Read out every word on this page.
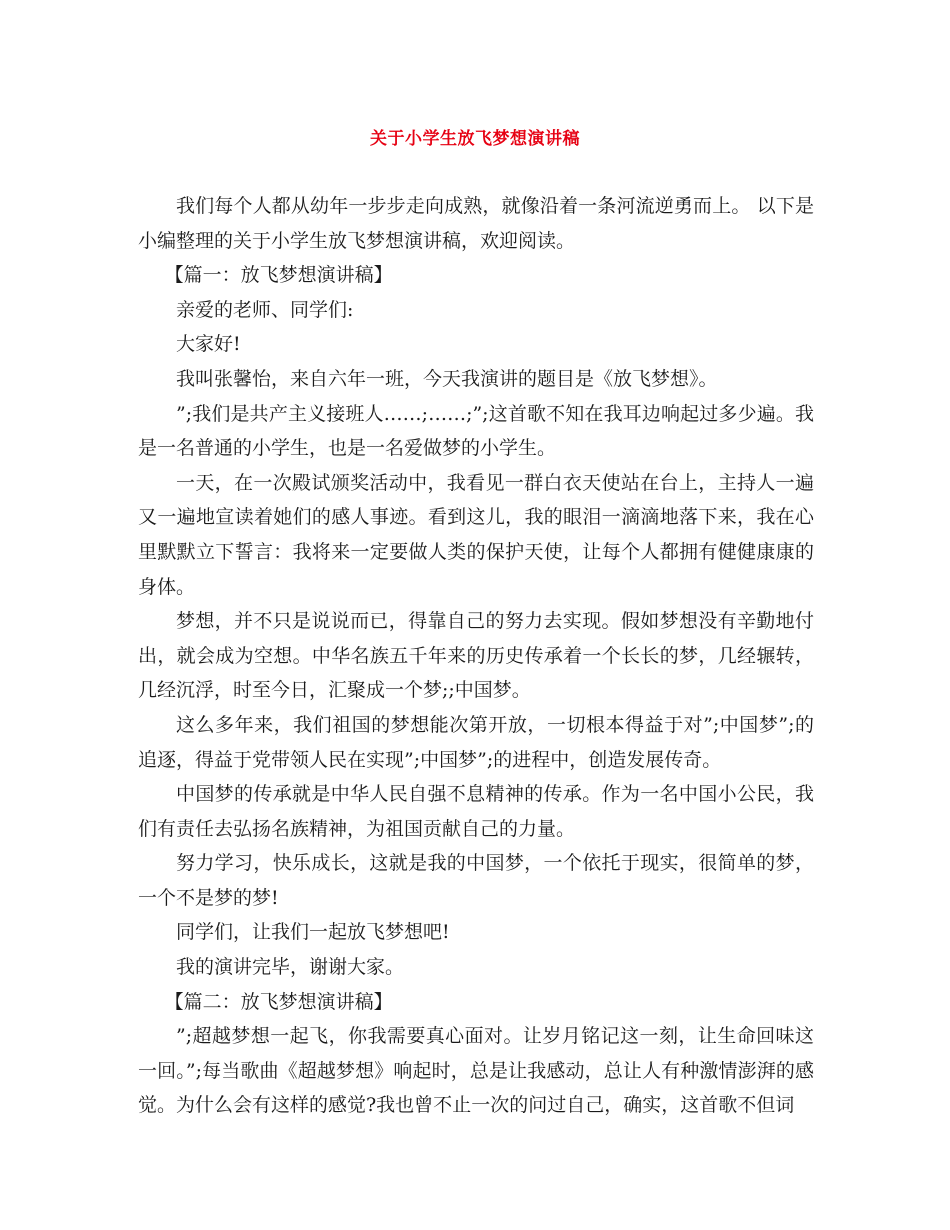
关于小学生放飞梦想演讲稿

我们每个人都从幼年一步步走向成熟，就像沿着一条河流逆勇而上。 以下是小编整理的关于小学生放飞梦想演讲稿，欢迎阅读。

【篇一：放飞梦想演讲稿】

亲爱的老师、同学们:

大家好!

我叫张馨怡，来自六年一班，今天我演讲的题目是《放飞梦想》。

”;我们是共产主义接班人……;……;”;这首歌不知在我耳边响起过多少遍。我是一名普通的小学生，也是一名爱做梦的小学生。

一天，在一次殿试颁奖活动中，我看见一群白衣天使站在台上，主持人一遍又一遍地宣读着她们的感人事迹。看到这儿，我的眼泪一滴滴地落下来，我在心里默默立下誓言：我将来一定要做人类的保护天使，让每个人都拥有健健康康的身体。

梦想，并不只是说说而已，得靠自己的努力去实现。假如梦想没有辛勤地付出，就会成为空想。中华名族五千年来的历史传承着一个长长的梦，几经辗转，几经沉浮，时至今日，汇聚成一个梦;;中国梦。

这么多年来，我们祖国的梦想能次第开放，一切根本得益于对”;中国梦”;的追逐，得益于党带领人民在实现”;中国梦”;的进程中，创造发展传奇。

中国梦的传承就是中华人民自强不息精神的传承。作为一名中国小公民，我们有责任去弘扬名族精神，为祖国贡献自己的力量。

努力学习，快乐成长，这就是我的中国梦，一个依托于现实，很简单的梦，一个不是梦的梦!

同学们，让我们一起放飞梦想吧!

我的演讲完毕，谢谢大家。

【篇二：放飞梦想演讲稿】

”;超越梦想一起飞，你我需要真心面对。让岁月铭记这一刻，让生命回味这一回。”;每当歌曲《超越梦想》响起时，总是让我感动，总让人有种激情澎湃的感觉。为什么会有这样的感觉?我也曾不止一次的问过自己，确实，这首歌不但词
